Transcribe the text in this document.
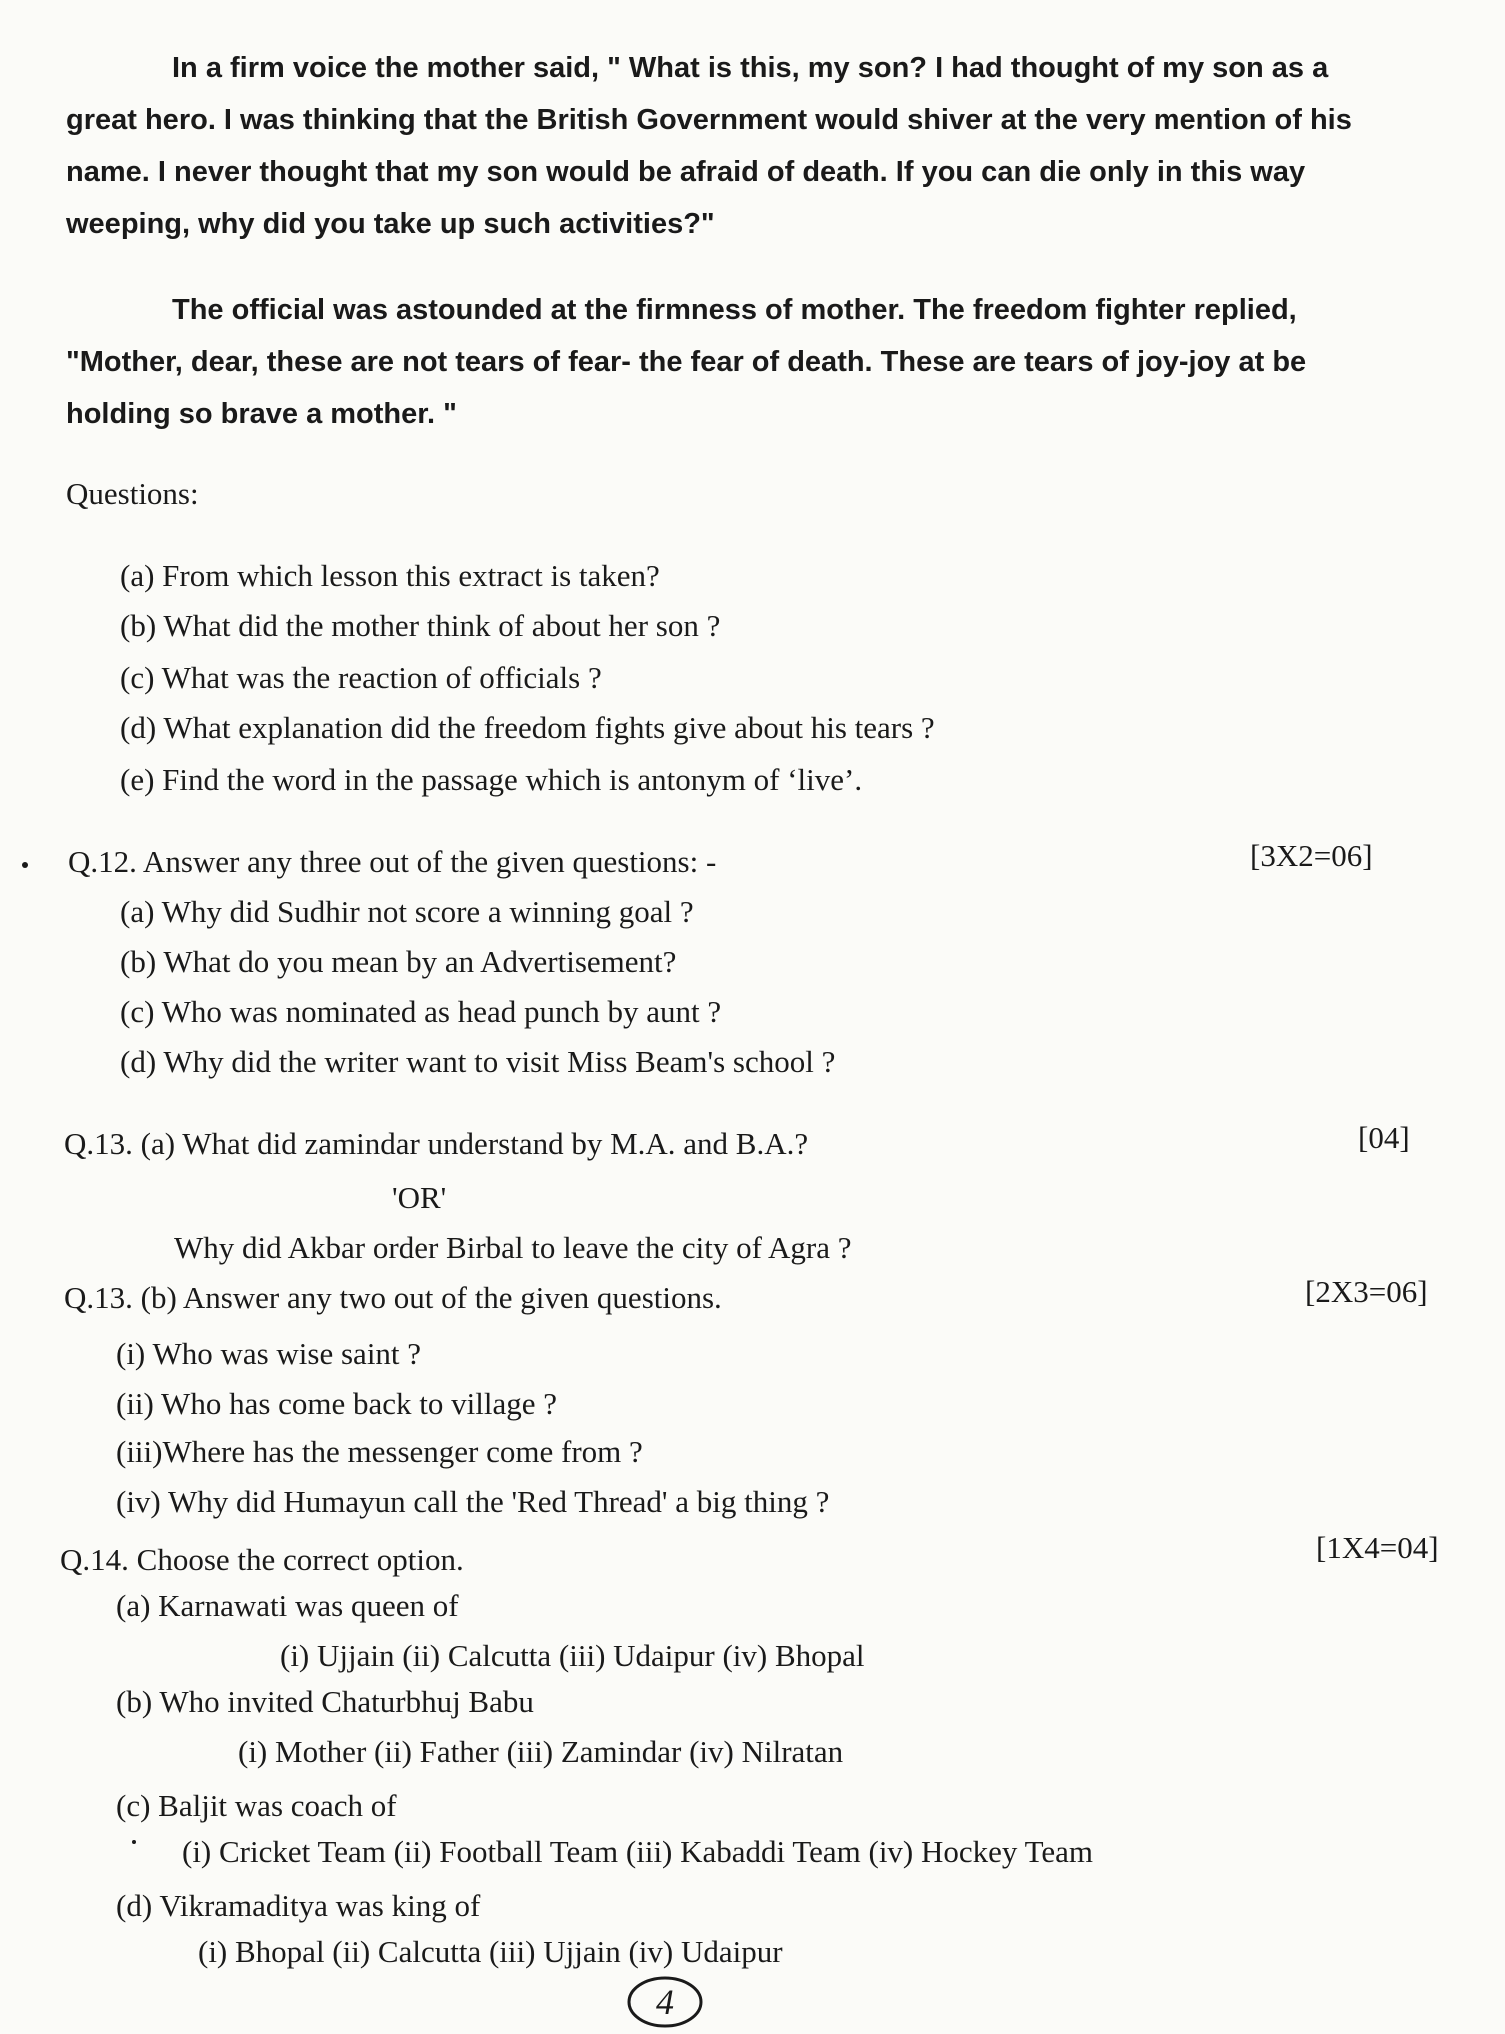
In a firm voice the mother said, " What is this, my son? I had thought of my son as a
great hero. I was thinking that the British Government would shiver at the very mention of his
name. I never thought that my son would be afraid of death. If you can die only in this way
weeping, why did you take up such activities?"
The official was astounded at the firmness of mother. The freedom fighter replied,
"Mother, dear, these are not tears of fear- the fear of death. These are tears of joy-joy at be
holding so brave a mother. "
Questions:
(a) From which lesson this extract is taken?
(b) What did the mother think of about her son ?
(c) What was the reaction of officials ?
(d) What explanation did the freedom fights give about his tears ?
(e) Find the word in the passage which is antonym of ‘live’.
Q.12. Answer any three out of the given questions: -	[3X2=06]
(a) Why did Sudhir not score a winning goal ?
(b) What do you mean by an Advertisement?
(c) Who was nominated as head punch by aunt ?
(d) Why did the writer want to visit Miss Beam's school ?
Q.13. (a) What did zamindar understand by M.A. and B.A.?	[04]
'OR'
Why did Akbar order Birbal to leave the city of Agra ?
Q.13. (b) Answer any two out of the given questions.	[2X3=06]
(i) Who was wise saint ?
(ii) Who has come back to village ?
(iii)Where has the messenger come from ?
(iv) Why did Humayun call the 'Red Thread' a big thing ?
Q.14. Choose the correct option.	[1X4=04]
(a) Karnawati was queen of
(i) Ujjain (ii) Calcutta (iii) Udaipur (iv) Bhopal
(b) Who invited Chaturbhuj Babu
(i) Mother (ii) Father (iii) Zamindar (iv) Nilratan
(c) Baljit was coach of
(i) Cricket Team (ii) Football Team (iii) Kabaddi Team (iv) Hockey Team
(d) Vikramaditya was king of
(i) Bhopal (ii) Calcutta (iii) Ujjain (iv) Udaipur
4
